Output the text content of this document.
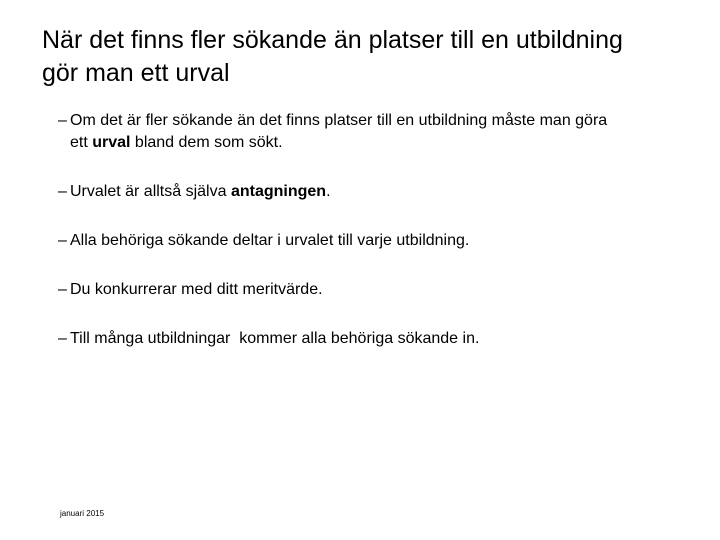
När det finns fler sökande än platser till en utbildning gör man ett urval
– Om det är fler sökande än det finns platser till en utbildning måste man göra ett urval bland dem som sökt.
– Urvalet är alltså själva antagningen.
– Alla behöriga sökande deltar i urvalet till varje utbildning.
– Du konkurrerar med ditt meritvärde.
– Till många utbildningar  kommer alla behöriga sökande in.
januari 2015
